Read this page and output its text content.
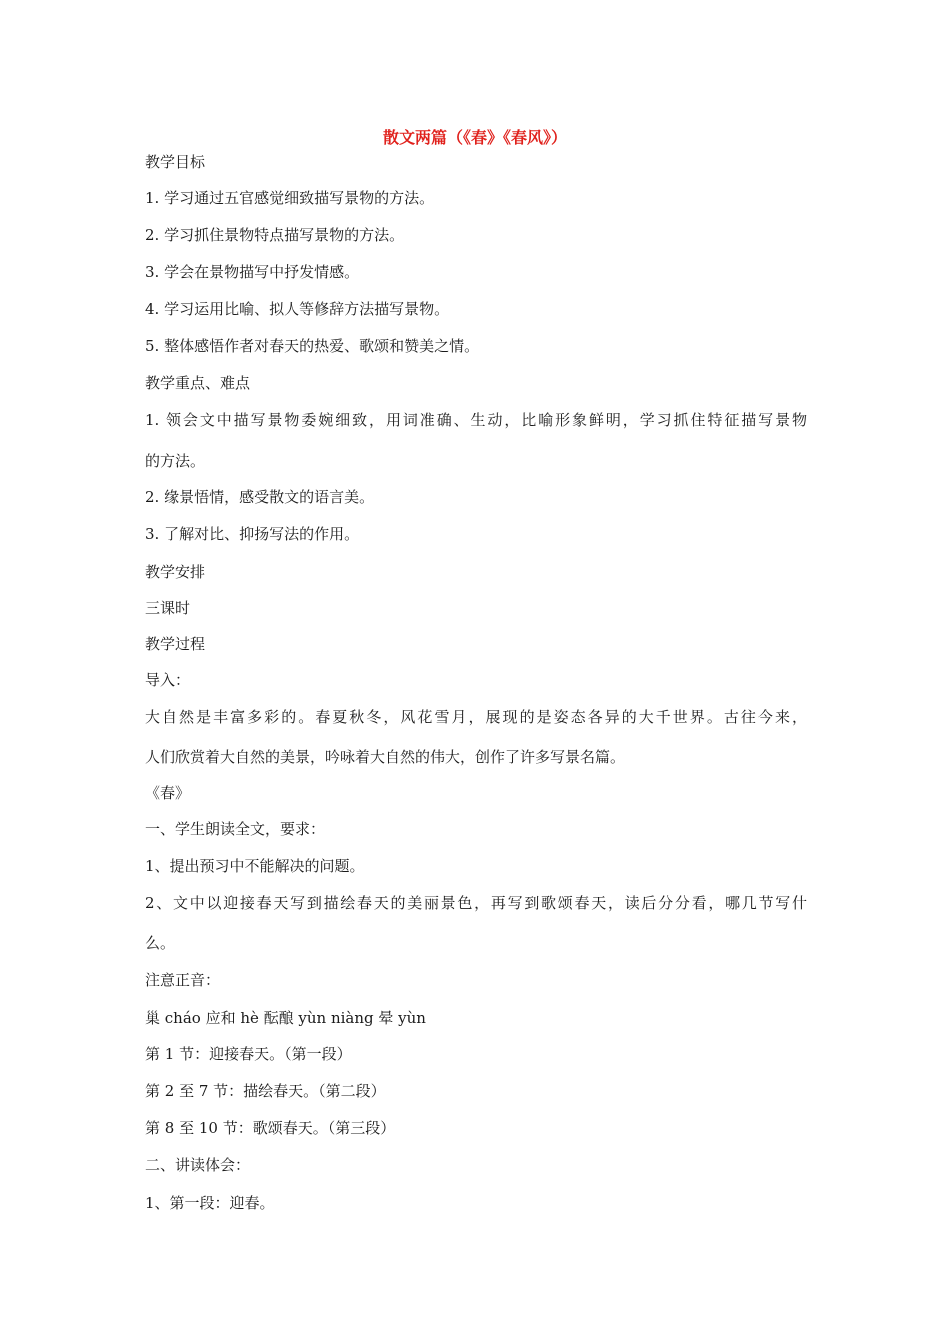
散文两篇（《春》《春风》）
教学目标
1. 学习通过五官感觉细致描写景物的方法。
2. 学习抓住景物特点描写景物的方法。
3. 学会在景物描写中抒发情感。
4. 学习运用比喻、拟人等修辞方法描写景物。
5. 整体感悟作者对春天的热爱、歌颂和赞美之情。
教学重点、难点
1. 领会文中描写景物委婉细致，用词准确、生动，比喻形象鲜明，学习抓住特征描写景物
的方法。
2. 缘景悟情，感受散文的语言美。
3. 了解对比、抑扬写法的作用。
教学安排
三课时
教学过程
导入：
大自然是丰富多彩的。春夏秋冬，风花雪月，展现的是姿态各异的大千世界。古往今来，
人们欣赏着大自然的美景，吟咏着大自然的伟大，创作了许多写景名篇。
《春》
一、学生朗读全文，要求：
1、提出预习中不能解决的问题。
2、文中以迎接春天写到描绘春天的美丽景色，再写到歌颂春天，读后分分看，哪几节写什
么。
注意正音：
巢 cháo 应和 hè 酝酿 yùn niàng 晕 yùn
第 1 节：迎接春天。（第一段）
第 2 至 7 节：描绘春天。（第二段）
第 8 至 10 节：歌颂春天。（第三段）
二、讲读体会：
1、第一段：迎春。
